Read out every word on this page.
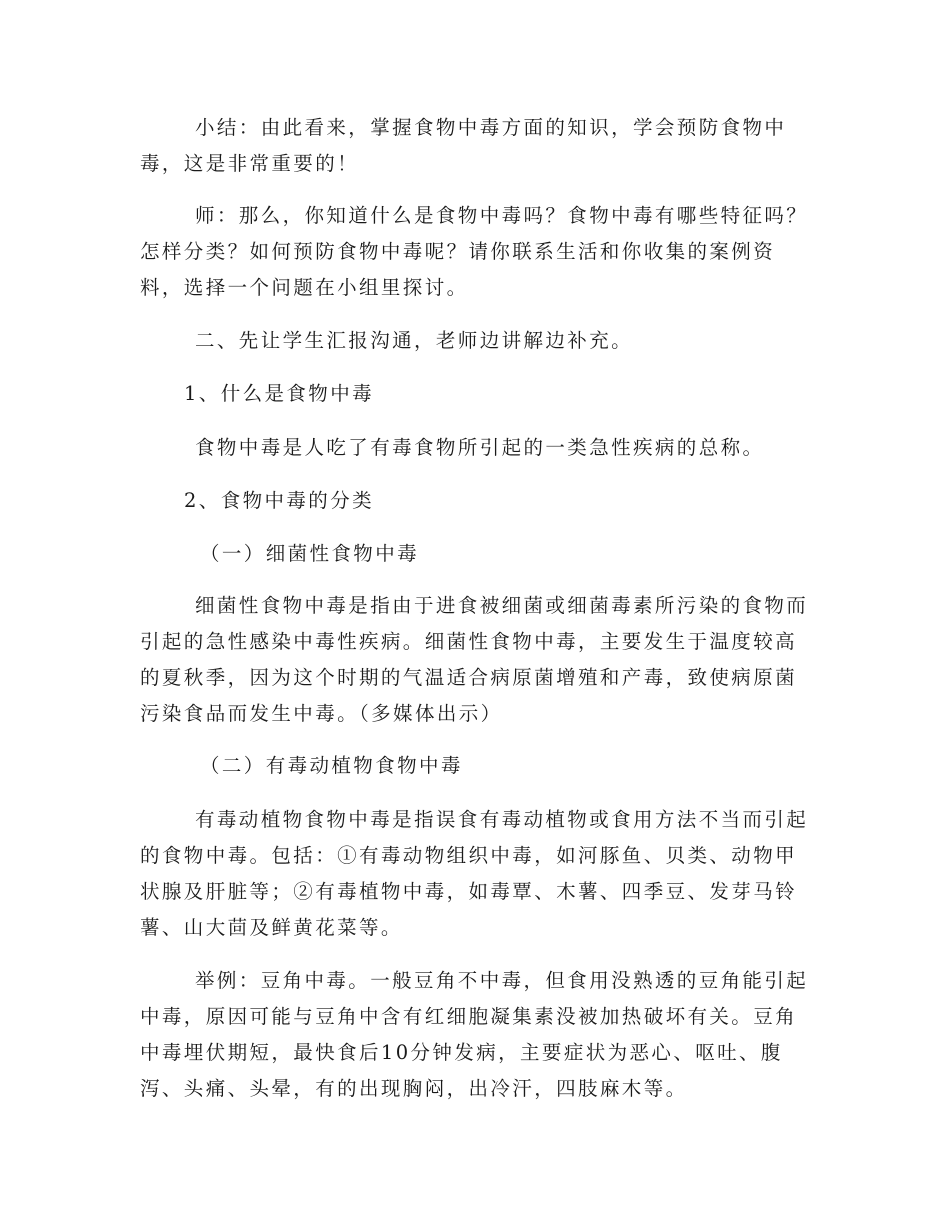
小结：由此看来，掌握食物中毒方面的知识，学会预防食物中毒，这是非常重要的！

师：那么，你知道什么是食物中毒吗？食物中毒有哪些特征吗？怎样分类？如何预防食物中毒呢？请你联系生活和你收集的案例资料，选择一个问题在小组里探讨。

二、先让学生汇报沟通，老师边讲解边补充。

1、什么是食物中毒

食物中毒是人吃了有毒食物所引起的一类急性疾病的总称。

2、食物中毒的分类

（一）细菌性食物中毒

细菌性食物中毒是指由于进食被细菌或细菌毒素所污染的食物而引起的急性感染中毒性疾病。细菌性食物中毒，主要发生于温度较高的夏秋季，因为这个时期的气温适合病原菌增殖和产毒，致使病原菌污染食品而发生中毒。（多媒体出示）

（二）有毒动植物食物中毒

有毒动植物食物中毒是指误食有毒动植物或食用方法不当而引起的食物中毒。包括：①有毒动物组织中毒，如河豚鱼、贝类、动物甲状腺及肝脏等；②有毒植物中毒，如毒覃、木薯、四季豆、发芽马铃薯、山大茴及鲜黄花菜等。

举例：豆角中毒。一般豆角不中毒，但食用没熟透的豆角能引起中毒，原因可能与豆角中含有红细胞凝集素没被加热破坏有关。豆角中毒埋伏期短，最快食后10分钟发病，主要症状为恶心、呕吐、腹泻、头痛、头晕，有的出现胸闷，出冷汗，四肢麻木等。
